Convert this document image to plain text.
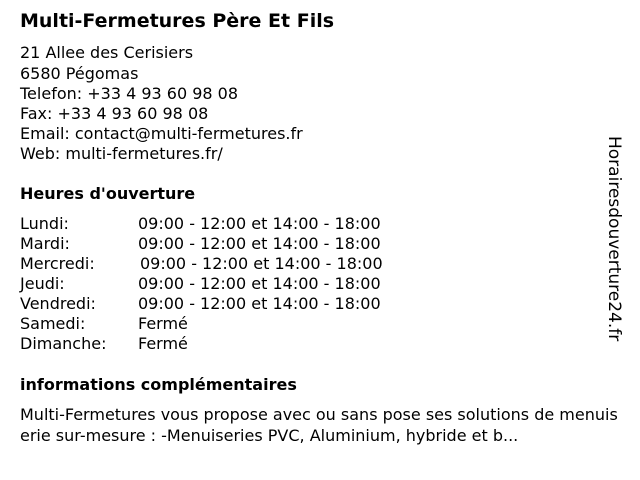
Multi-Fermetures Père Et Fils
21 Allee des Cerisiers
6580 Pégomas
Telefon: +33 4 93 60 98 08
Fax: +33 4 93 60 98 08
Email: contact@multi-fermetures.fr
Web: multi-fermetures.fr/
Heures d'ouverture
Lundi:	09:00 - 12:00 et 14:00 - 18:00
Mardi:	09:00 - 12:00 et 14:00 - 18:00
Mercredi:	09:00 - 12:00 et 14:00 - 18:00
Jeudi:	09:00 - 12:00 et 14:00 - 18:00
Vendredi:	09:00 - 12:00 et 14:00 - 18:00
Samedi:	Fermé
Dimanche: Fermé
informations complémentaires
Multi-Fermetures vous propose avec ou sans pose ses solutions de menuiserie sur-mesure : -Menuiseries PVC, Aluminium, hybride et b...
Horairesdouverture24.fr
